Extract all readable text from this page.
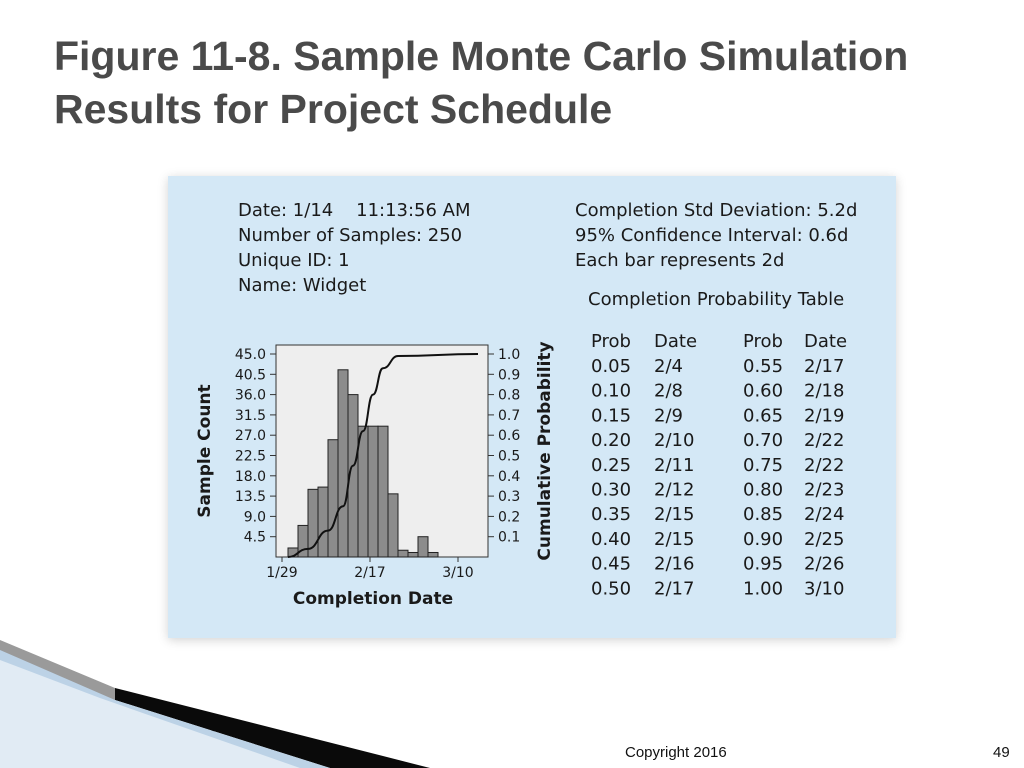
Figure 11-8. Sample Monte Carlo Simulation Results for Project Schedule
Date: 1/14    11:13:56 AM
Number of Samples: 250
Unique ID: 1
Name: Widget
Completion Std Deviation: 5.2d
95% Confidence Interval: 0.6d
Each bar represents 2d
Completion Probability Table
45.0
40.5
36.0
31.5
27.0
22.5
18.0
13.5
9.0
4.5
1.0
0.9
0.8
0.7
0.6
0.5
0.4
0.3
0.2
0.1
1/29	2/17	3/10
Completion Date
Sample Count	Cumulative Probability Prob Date	Prob Date
0.05 2/4	0.55 2/17
0.10 2/8	0.60 2/18
0.15 2/9	0.65 2/19
0.20 2/10	0.70 2/22
0.25 2/11	0.75 2/22
0.30 2/12	0.80 2/23
0.35 2/15	0.85 2/24
0.40 2/15	0.90 2/25
0.45 2/16	0.95 2/26
0.50 2/17	1.00 3/10
Copyright 2016	49
